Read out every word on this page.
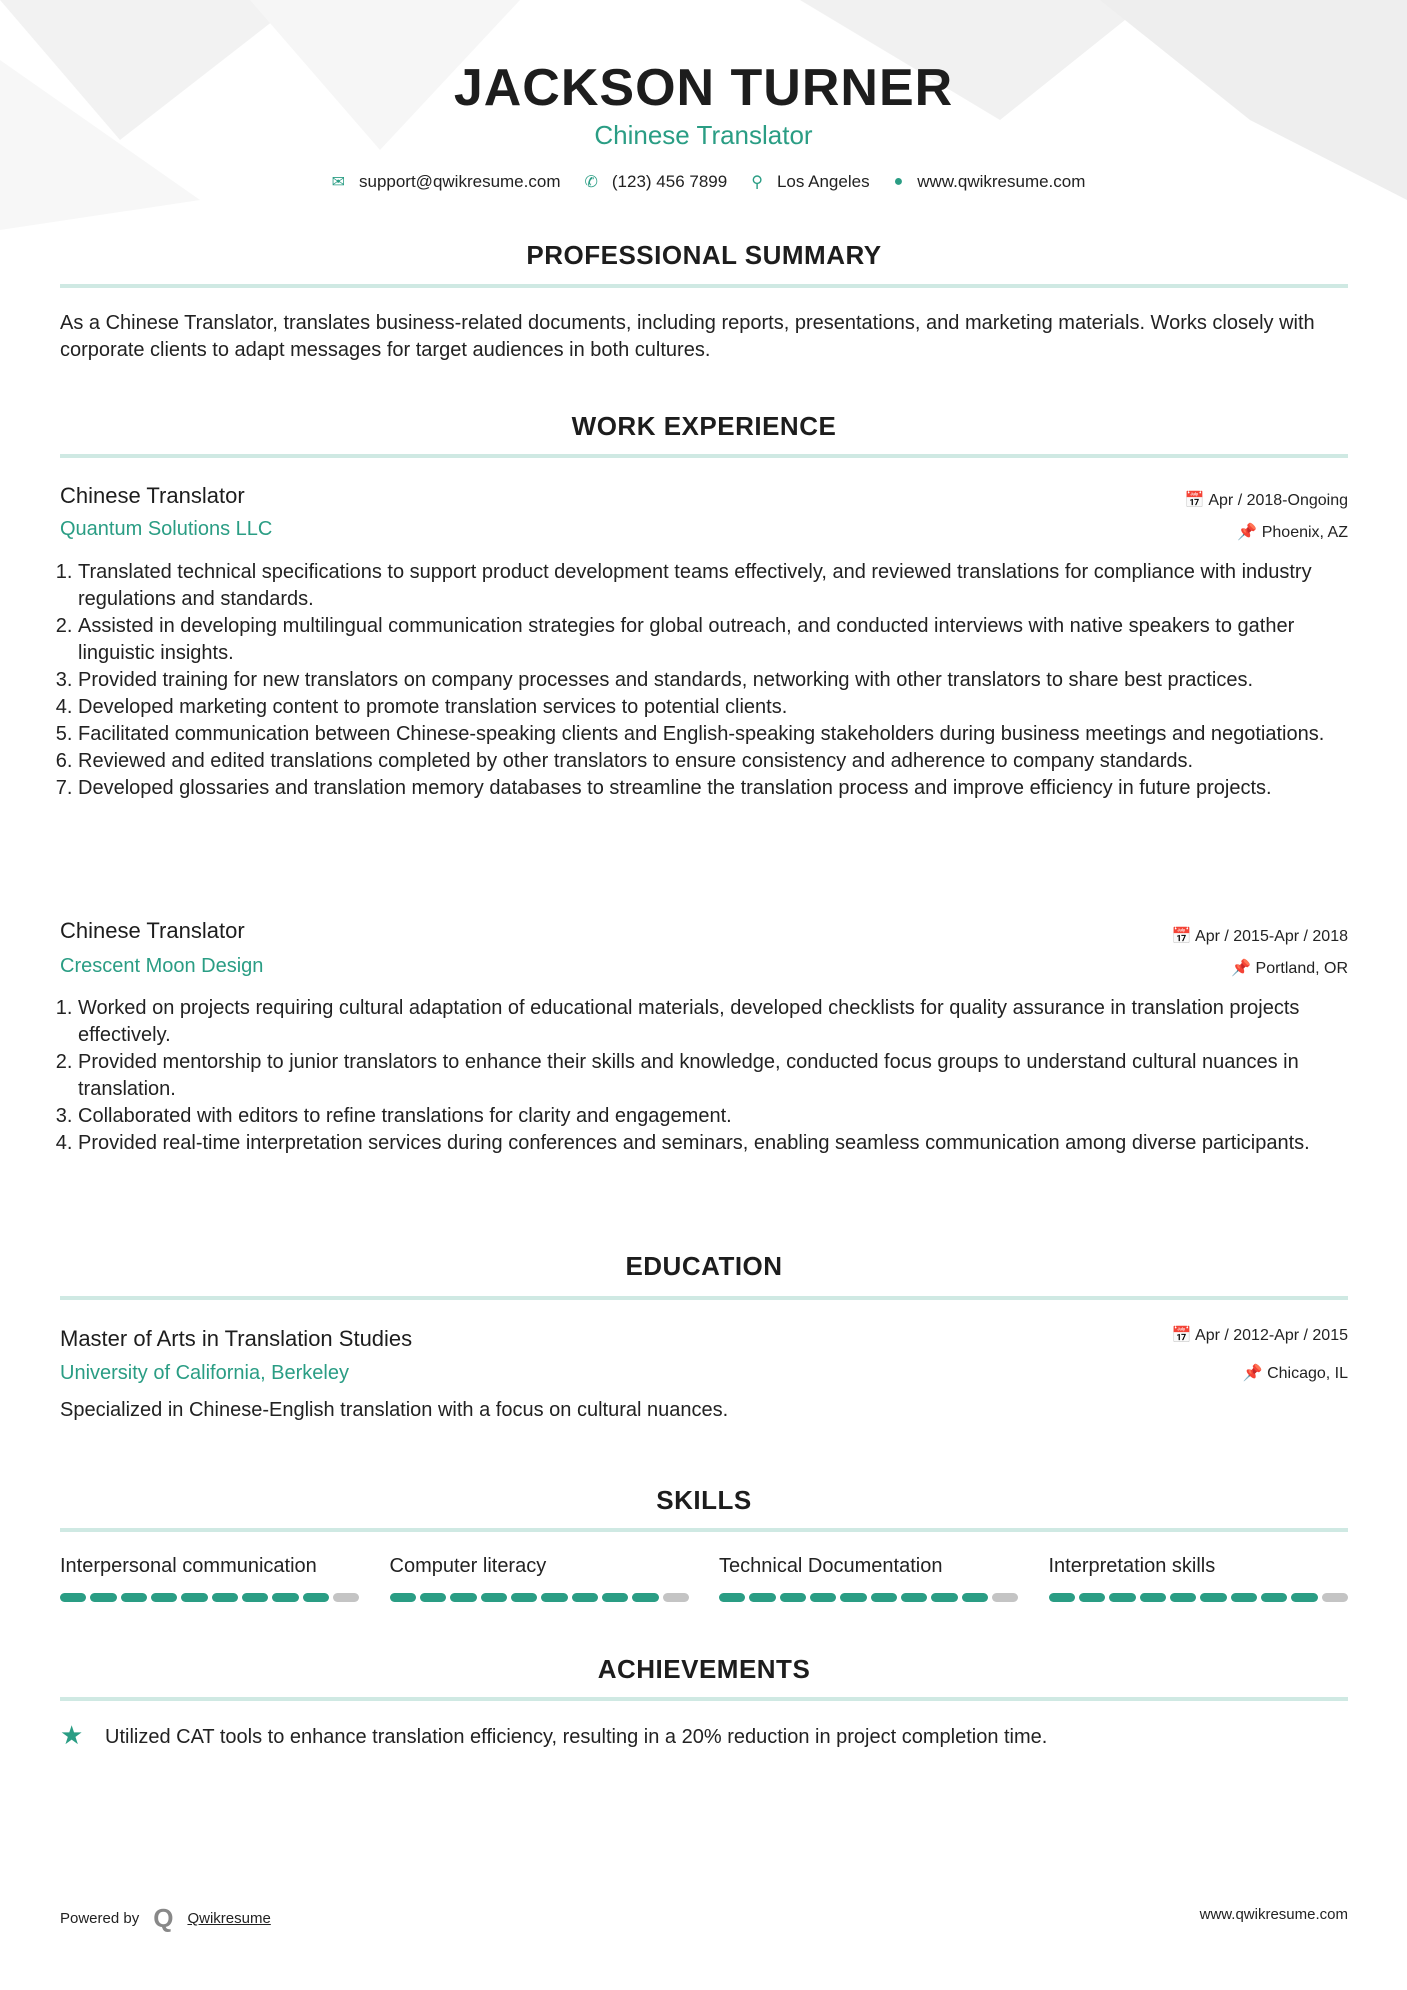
JACKSON TURNER
Chinese Translator
✉ support@qwikresume.com ✆ (123) 456 7899 ⚲ Los Angeles ● www.qwikresume.com
PROFESSIONAL SUMMARY
As a Chinese Translator, translates business-related documents, including reports, presentations, and marketing materials. Works closely with corporate clients to adapt messages for target audiences in both cultures.
WORK EXPERIENCE
Chinese Translator	📅 Apr / 2018-Ongoing
Quantum Solutions LLC	📌 Phoenix, AZ
1. Translated technical specifications to support product development teams effectively, and reviewed translations for compliance with industry regulations and standards.
2. Assisted in developing multilingual communication strategies for global outreach, and conducted interviews with native speakers to gather linguistic insights.
3. Provided training for new translators on company processes and standards, networking with other translators to share best practices.
4. Developed marketing content to promote translation services to potential clients.
5. Facilitated communication between Chinese-speaking clients and English-speaking stakeholders during business meetings and negotiations.
6. Reviewed and edited translations completed by other translators to ensure consistency and adherence to company standards.
7. Developed glossaries and translation memory databases to streamline the translation process and improve efficiency in future projects.
Chinese Translator	📅 Apr / 2015-Apr / 2018
Crescent Moon Design	📌 Portland, OR
1. Worked on projects requiring cultural adaptation of educational materials, developed checklists for quality assurance in translation projects effectively.
2. Provided mentorship to junior translators to enhance their skills and knowledge, conducted focus groups to understand cultural nuances in translation.
3. Collaborated with editors to refine translations for clarity and engagement.
4. Provided real-time interpretation services during conferences and seminars, enabling seamless communication among diverse participants.
EDUCATION
Master of Arts in Translation Studies	📅 Apr / 2012-Apr / 2015
University of California, Berkeley	📌 Chicago, IL
Specialized in Chinese-English translation with a focus on cultural nuances.
SKILLS
Interpersonal communication	Computer literacy	Technical Documentation	Interpretation skills
ACHIEVEMENTS
★ Utilized CAT tools to enhance translation efficiency, resulting in a 20% reduction in project completion time.
Powered by Q Qwikresume	www.qwikresume.com
